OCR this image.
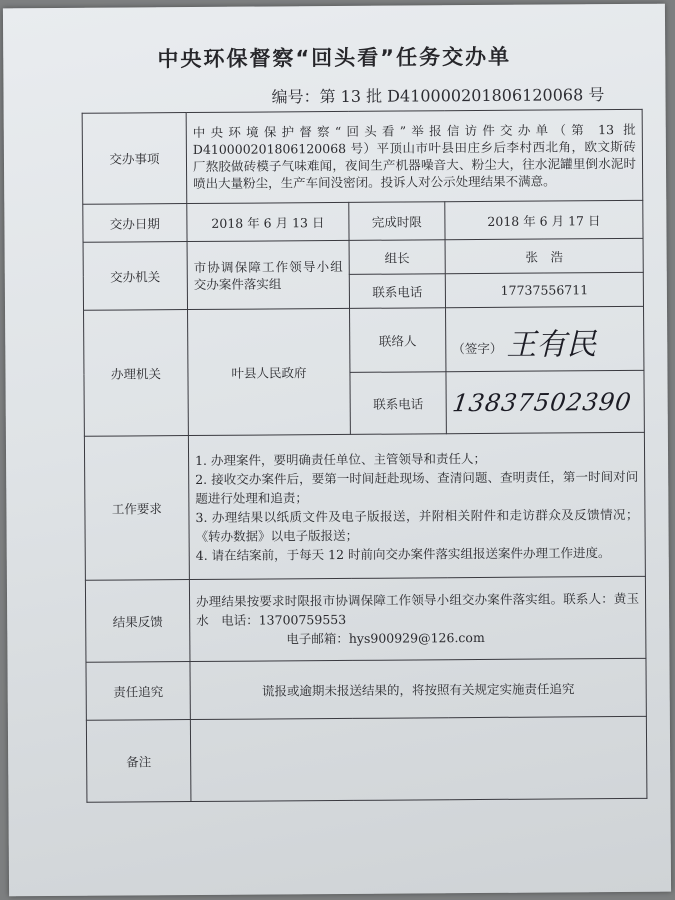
中央环保督察“回头看”任务交办单
编号：第 13 批 D410000201806120068 号
交办事项	中央环境保护督察“回头看”举报信访件交办单（第 13 批 D410000201806120068 号）平顶山市叶县田庄乡后李村西北角，欧文斯砖厂熬胶做砖模子气味难闻，夜间生产机器噪音大、粉尘大，往水泥罐里倒水泥时喷出大量粉尘，生产车间没密闭。投诉人对公示处理结果不满意。		
交办日期	2018 年 6 月 13 日	完成时限	2018 年 6 月 17 日
交办机关	市协调保障工作领导小组交办案件落实组	组长	张　浩
		联系电话	17737556711
办理机关	叶县人民政府	联络人	（签字） 王有民
		联系电话	13837502390
工作要求	1. 办理案件，要明确责任单位、主管领导和责任人；
2. 接收交办案件后，要第一时间赶赴现场、查清问题、查明责任，第一时间对问题进行处理和追责；
3. 办理结果以纸质文件及电子版报送，并附相关附件和走访群众及反馈情况；《转办数据》以电子版报送；
4. 请在结案前，于每天 12 时前向交办案件落实组报送案件办理工作进度。		

结果反馈	办理结果按要求时限报市协调保障工作领导小组交办案件落实组。联系人：黄玉水　电话：13700759553
电子邮箱：hys900929@126.com		

责任追究	谎报或逾期未报送结果的，将按照有关规定实施责任追究		
备注			
